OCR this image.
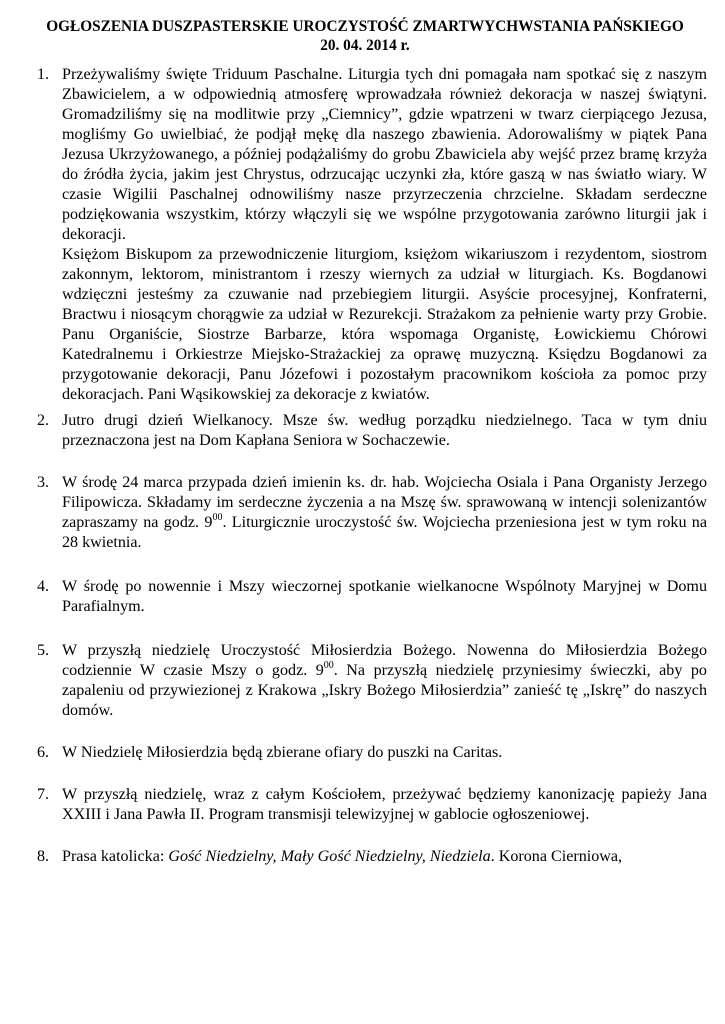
OGŁOSZENIA DUSZPASTERSKIE UROCZYSTOŚĆ ZMARTWYCHWSTANIA PAŃSKIEGO
20. 04. 2014 r.
1. Przeżywaliśmy święte Triduum Paschalne. Liturgia tych dni pomagała nam spotkać się z naszym Zbawicielem, a w odpowiednią atmosferę wprowadzała również dekoracja w naszej świątyni. Gromadziliśmy się na modlitwie przy „Ciemnicy”, gdzie wpatrzeni w twarz cierpiącego Jezusa, mogliśmy Go uwielbiać, że podjął mękę dla naszego zbawienia. Adorowaliśmy w piątek Pana Jezusa Ukrzyżowanego, a później podążaliśmy do grobu Zbawiciela aby wejść przez bramę krzyża do źródła życia, jakim jest Chrystus, odrzucając uczynki zła, które gaszą w nas światło wiary. W czasie Wigilii Paschalnej odnowiliśmy nasze przyrzeczenia chrzcielne. Składam serdeczne podziękowania wszystkim, którzy włączyli się we wspólne przygotowania zarówno liturgii jak i dekoracji.

Księżom Biskupom za przewodniczenie liturgiom, księżom wikariuszom i rezydentom, siostrom zakonnym, lektorom, ministrantom i rzeszy wiernych za udział w liturgiach. Ks. Bogdanowi wdzięczni jesteśmy za czuwanie nad przebiegiem liturgii. Asyście procesyjnej, Konfraterni, Bractwu i niosącym chorągwie za udział w Rezurekcji. Strażakom za pełnienie warty przy Grobie. Panu Organiście, Siostrze Barbarze, która wspomaga Organistę, Łowickiemu Chórowi Katedralnemu i Orkiestrze Miejsko-Strażackiej za oprawę muzyczną. Księdzu Bogdanowi za przygotowanie dekoracji, Panu Józefowi i pozostałym pracownikom kościoła za pomoc przy dekoracjach. Pani Wąsikowskiej za dekoracje z kwiatów.

2. Jutro drugi dzień Wielkanocy. Msze św. według porządku niedzielnego. Taca w tym dniu przeznaczona jest na Dom Kapłana Seniora w Sochaczewie.

3. W środę 24 marca przypada dzień imienin ks. dr. hab. Wojciecha Osiala i Pana Organisty Jerzego Filipowicza. Składamy im serdeczne życzenia a na Mszę św. sprawowaną w intencji solenizantów zapraszamy na godz. $9^{00}$. Liturgicznie uroczystość św. Wojciecha przeniesiona jest w tym roku na 28 kwietnia.

4. W środę po nowennie i Mszy wieczornej spotkanie wielkanocne Wspólnoty Maryjnej w Domu Parafialnym.

5. W przyszłą niedzielę Uroczystość Miłosierdzia Bożego. Nowenna do Miłosierdzia Bożego codziennie W czasie Mszy o godz. $9^{00}$. Na przyszłą niedzielę przyniesimy świeczki, aby po zapaleniu od przywiezionej z Krakowa „Iskry Bożego Miłosierdzia” zanieść tę „Iskrę” do naszych domów.

6. W Niedzielę Miłosierdzia będą zbierane ofiary do puszki na Caritas.

7. W przyszłą niedzielę, wraz z całym Kościołem, przeżywać będziemy kanonizację papieży Jana XXIII i Jana Pawła II. Program transmisji telewizyjnej w gablocie ogłoszeniowej.

8. Prasa katolicka: Gość Niedzielny, Mały Gość Niedzielny, Niedziela. Korona Cierniowa,
